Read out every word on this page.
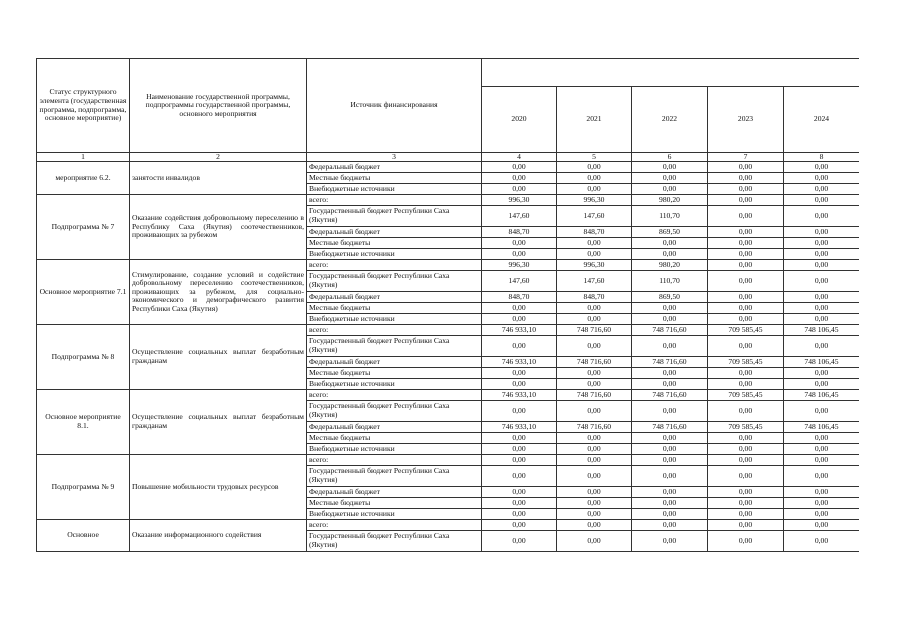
Статус структурного элемента (государственная программа, подпрограмма, основное мероприятие)	Наименование государственной программы, подпрограммы государственной программы, основного мероприятия	Источник финансирования					
			2020	2021	2022	2023	2024
1	2	3	4	5	6	7	8
мероприятие 6.2.	занятости инвалидов	Федеральный бюджет	0,00	0,00	0,00	0,00	0,00
		Местные бюджеты	0,00	0,00	0,00	0,00	0,00
		Внебюджетные источники	0,00	0,00	0,00	0,00	0,00
Подпрограмма № 7	Оказание содействия добровольному переселению в Республику Саха (Якутия) соотечественников, проживающих за рубежом	всего:	996,30	996,30	980,20	0,00	0,00
		Государственный бюджет Республики Саха (Якутия)	147,60	147,60	110,70	0,00	0,00
		Федеральный бюджет	848,70	848,70	869,50	0,00	0,00
		Местные бюджеты	0,00	0,00	0,00	0,00	0,00
		Внебюджетные источники	0,00	0,00	0,00	0,00	0,00
Основное мероприятие 7.1	Стимулирование, создание условий и содействие добровольному переселению соотечественников, проживающих за рубежом, для социально-экономического и демографического развития Республики Саха (Якутия)	всего:	996,30	996,30	980,20	0,00	0,00
		Государственный бюджет Республики Саха (Якутия)	147,60	147,60	110,70	0,00	0,00
		Федеральный бюджет	848,70	848,70	869,50	0,00	0,00
		Местные бюджеты	0,00	0,00	0,00	0,00	0,00
		Внебюджетные источники	0,00	0,00	0,00	0,00	0,00
Подпрограмма № 8	Осуществление социальных выплат безработным гражданам	всего:	746 933,10	748 716,60	748 716,60	709 585,45	748 106,45
		Государственный бюджет Республики Саха (Якутия)	0,00	0,00	0,00	0,00	0,00
		Федеральный бюджет	746 933,10	748 716,60	748 716,60	709 585,45	748 106,45
		Местные бюджеты	0,00	0,00	0,00	0,00	0,00
		Внебюджетные источники	0,00	0,00	0,00	0,00	0,00
Основное мероприятие 8.1.	Осуществление социальных выплат безработным гражданам	всего:	746 933,10	748 716,60	748 716,60	709 585,45	748 106,45
		Государственный бюджет Республики Саха (Якутия)	0,00	0,00	0,00	0,00	0,00
		Федеральный бюджет	746 933,10	748 716,60	748 716,60	709 585,45	748 106,45
		Местные бюджеты	0,00	0,00	0,00	0,00	0,00
		Внебюджетные источники	0,00	0,00	0,00	0,00	0,00
Подпрограмма № 9	Повышение мобильности трудовых ресурсов	всего:	0,00	0,00	0,00	0,00	0,00
		Государственный бюджет Республики Саха (Якутия)	0,00	0,00	0,00	0,00	0,00
		Федеральный бюджет	0,00	0,00	0,00	0,00	0,00
		Местные бюджеты	0,00	0,00	0,00	0,00	0,00
		Внебюджетные источники	0,00	0,00	0,00	0,00	0,00
Основное	Оказание информационного содействия	всего:	0,00	0,00	0,00	0,00	0,00
		Государственный бюджет Республики Саха (Якутия)	0,00	0,00	0,00	0,00	0,00
